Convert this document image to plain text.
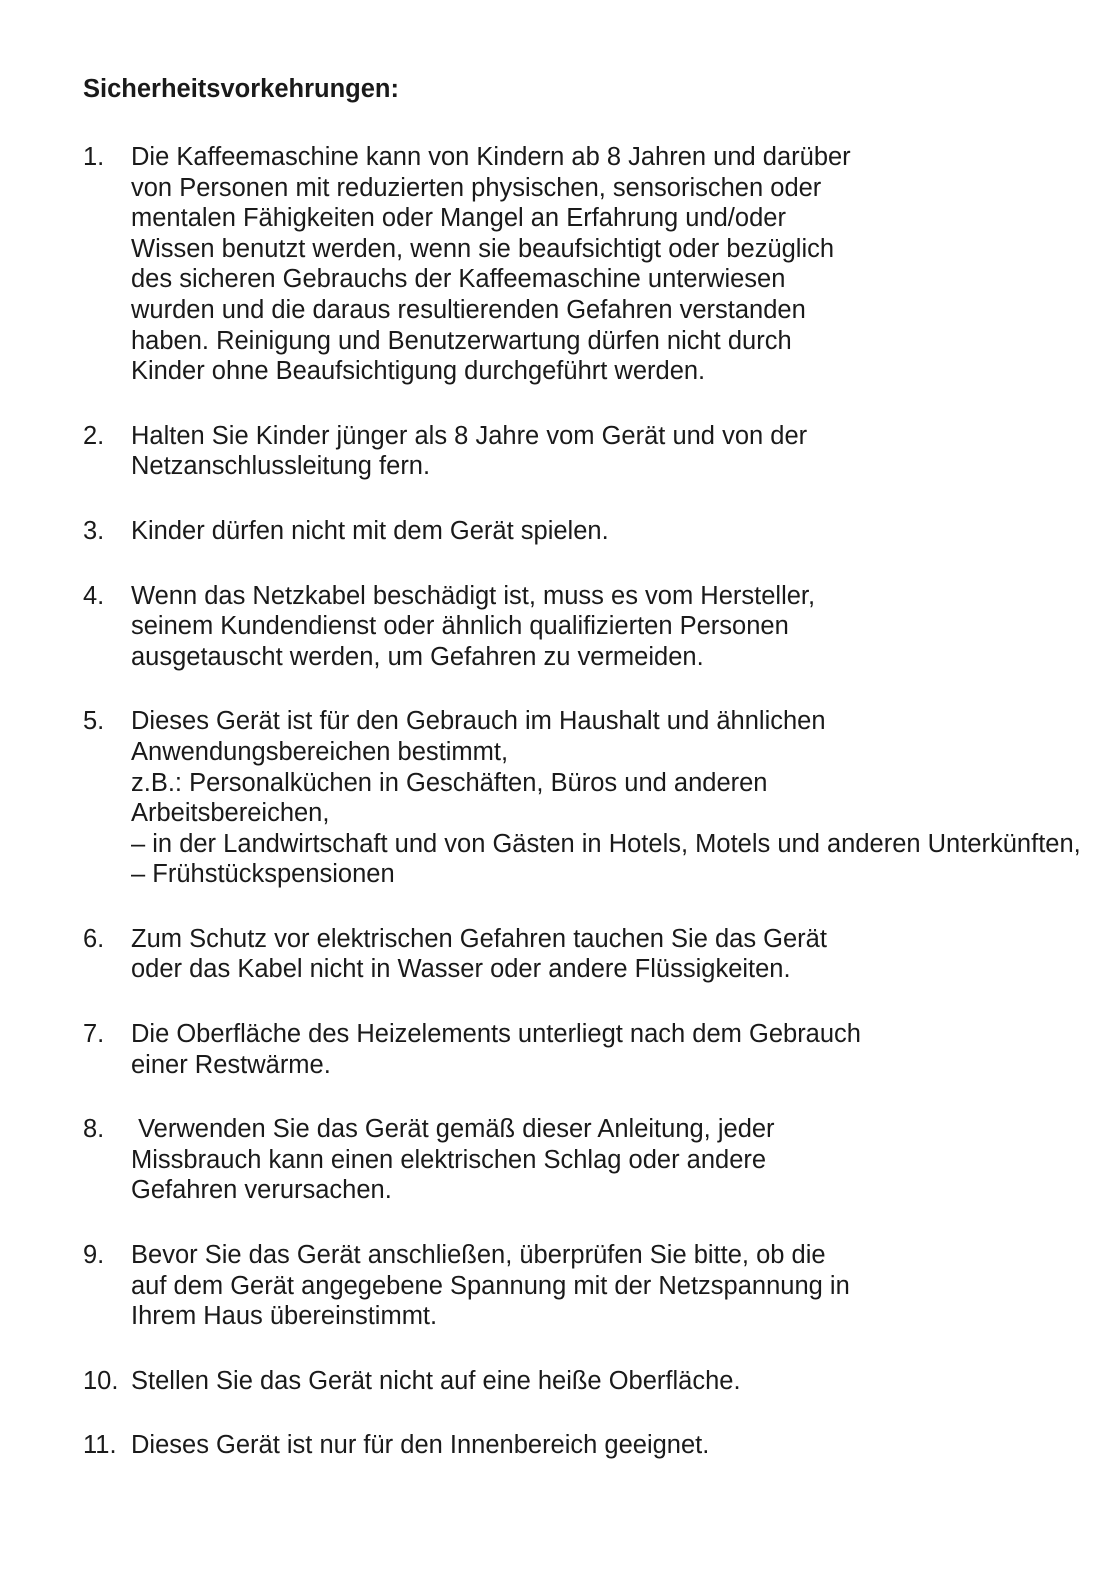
Sicherheitsvorkehrungen:
1. Die Kaffeemaschine kann von Kindern ab 8 Jahren und darüber
von Personen mit reduzierten physischen, sensorischen oder
mentalen Fähigkeiten oder Mangel an Erfahrung und/oder
Wissen benutzt werden, wenn sie beaufsichtigt oder bezüglich
des sicheren Gebrauchs der Kaffeemaschine unterwiesen
wurden und die daraus resultierenden Gefahren verstanden
haben. Reinigung und Benutzerwartung dürfen nicht durch
Kinder ohne Beaufsichtigung durchgeführt werden.
2. Halten Sie Kinder jünger als 8 Jahre vom Gerät und von der
Netzanschlussleitung fern.
3. Kinder dürfen nicht mit dem Gerät spielen.
4. Wenn das Netzkabel beschädigt ist, muss es vom Hersteller,
seinem Kundendienst oder ähnlich qualifizierten Personen
ausgetauscht werden, um Gefahren zu vermeiden.
5. Dieses Gerät ist für den Gebrauch im Haushalt und ähnlichen
Anwendungsbereichen bestimmt,
z.B.: Personalküchen in Geschäften, Büros und anderen
Arbeitsbereichen,
– in der Landwirtschaft und von Gästen in Hotels, Motels und anderen Unterkünften,
– Frühstückspensionen
6. Zum Schutz vor elektrischen Gefahren tauchen Sie das Gerät
oder das Kabel nicht in Wasser oder andere Flüssigkeiten.
7. Die Oberfläche des Heizelements unterliegt nach dem Gebrauch
einer Restwärme.
8. Verwenden Sie das Gerät gemäß dieser Anleitung, jeder
Missbrauch kann einen elektrischen Schlag oder andere
Gefahren verursachen.
9. Bevor Sie das Gerät anschließen, überprüfen Sie bitte, ob die
auf dem Gerät angegebene Spannung mit der Netzspannung in
Ihrem Haus übereinstimmt.
10. Stellen Sie das Gerät nicht auf eine heiße Oberfläche.
11. Dieses Gerät ist nur für den Innenbereich geeignet.
